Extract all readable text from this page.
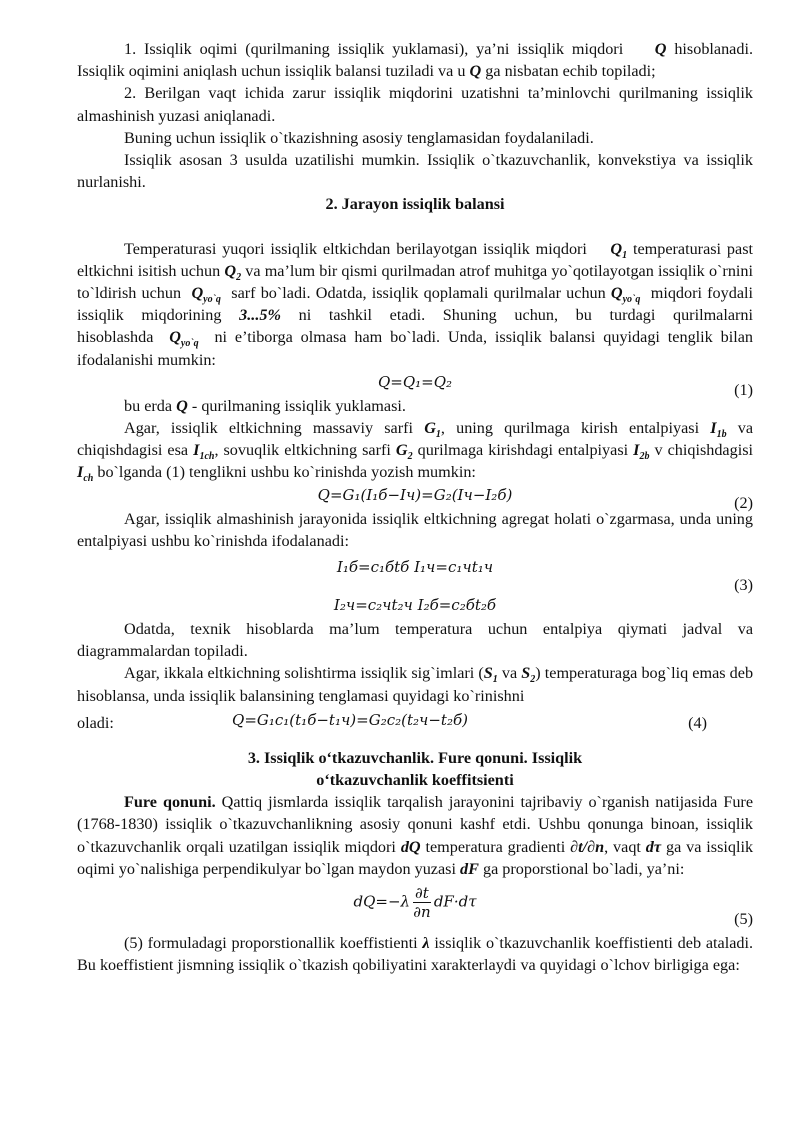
1. Issiqlik oqimi (qurilmaning issiqlik yuklamasi), ya’ni issiqlik miqdori Q hisoblanadi. Issiqlik oqimini aniqlash uchun issiqlik balansi tuziladi va u Q ga nisbatan echib topiladi;

2. Berilgan vaqt ichida zarur issiqlik miqdorini uzatishni ta’minlovchi qurilmaning issiqlik almashinish yuzasi aniqlanadi.

Buning uchun issiqlik o`tkazishning asosiy tenglamasidan foydalaniladi.

Issiqlik asosan 3 usulda uzatilishi mumkin. Issiqlik o`tkazuvchanlik, konvekstiya va issiqlik nurlanishi.

2. Jarayon issiqlik balansi

Temperaturasi yuqori issiqlik eltkichdan berilayotgan issiqlik miqdori $Q_1$ temperaturasi past eltkichni isitish uchun $Q_2$ va ma’lum bir qismi qurilmadan atrof muhitga yo`qotilayotgan issiqlik o`rnini to`ldirish uchun $Q_{yo`q}$ sarf bo`ladi. Odatda, issiqlik qoplamali qurilmalar uchun $Q_{yo`q}$ miqdori foydali issiqlik miqdorining 3...5% ni tashkil etadi. Shuning uchun, bu turdagi qurilmalarni hisoblashda $Q_{yo`q}$ ni e’tiborga olmasa ham bo`ladi. Unda, issiqlik balansi quyidagi tenglik bilan ifodalanishi mumkin:

Q=Q₁=Q₂	(1)

bu erda Q - qurilmaning issiqlik yuklamasi.

Agar, issiqlik eltkichning massaviy sarfi $G_1$, uning qurilmaga kirish entalpiyasi $I_{1b}$ va chiqishdagisi esa $I_{1ch}$, sovuqlik eltkichning sarfi $G_2$ qurilmaga kirishdagi entalpiyasi $I_{2b}$ v chiqishdagisi $I_{ch}$ bo`lganda (1) tenglikni ushbu ko`rinishda yozish mumkin:

Q=G₁(I₁б−Iч)=G₂(Iч−I₂б)	(2)

Agar, issiqlik almashinish jarayonida issiqlik eltkichning agregat holati o`zgarmasa, unda uning entalpiyasi ushbu ko`rinishda ifodalanadi:

I₁б=c₁бtб I₁ч=c₁чt₁ч
I₂ч=c₂чt₂ч I₂б=c₂бt₂б
(3)

Odatda, texnik hisoblarda ma’lum temperatura uchun entalpiya qiymati jadval va diagrammalardan topiladi.

Agar, ikkala eltkichning solishtirma issiqlik sig`imlari ($S_1$ va $S_2$) temperaturaga bog`liq emas deb hisoblansa, unda issiqlik balansining tenglamasi quyidagi ko`rinishni

oladi:	Q=G₁c₁(t₁б−t₁ч)=G₂c₂(t₂ч−t₂б)	(4)

3. Issiqlik o‘tkazuvchanlik. Fure qonuni. Issiqlik

o‘tkazuvchanlik koeffitsienti

Fure qonuni. Qattiq jismlarda issiqlik tarqalish jarayonini tajribaviy o`rganish natijasida Fure (1768-1830) issiqlik o`tkazuvchanlikning asosiy qonuni kashf etdi. Ushbu qonunga binoan, issiqlik o`tkazuvchanlik orqali uzatilgan issiqlik miqdori dQ temperatura gradienti ∂t/∂n, vaqt dτ ga va issiqlik oqimi yo`nalishiga perpendikulyar bo`lgan maydon yuzasi dF ga proporstional bo`ladi, ya’ni:

$dQ=-\lambda \frac{\partial t}{\partial n} dF\cdot d\tau$
(5)

(5) formuladagi proporstionallik koeffistienti λ issiqlik o`tkazuvchanlik koeffistienti deb ataladi. Bu koeffistient jismning issiqlik o`tkazish qobiliyatini xarakterlaydi va quyidagi o`lchov birligiga ega:
